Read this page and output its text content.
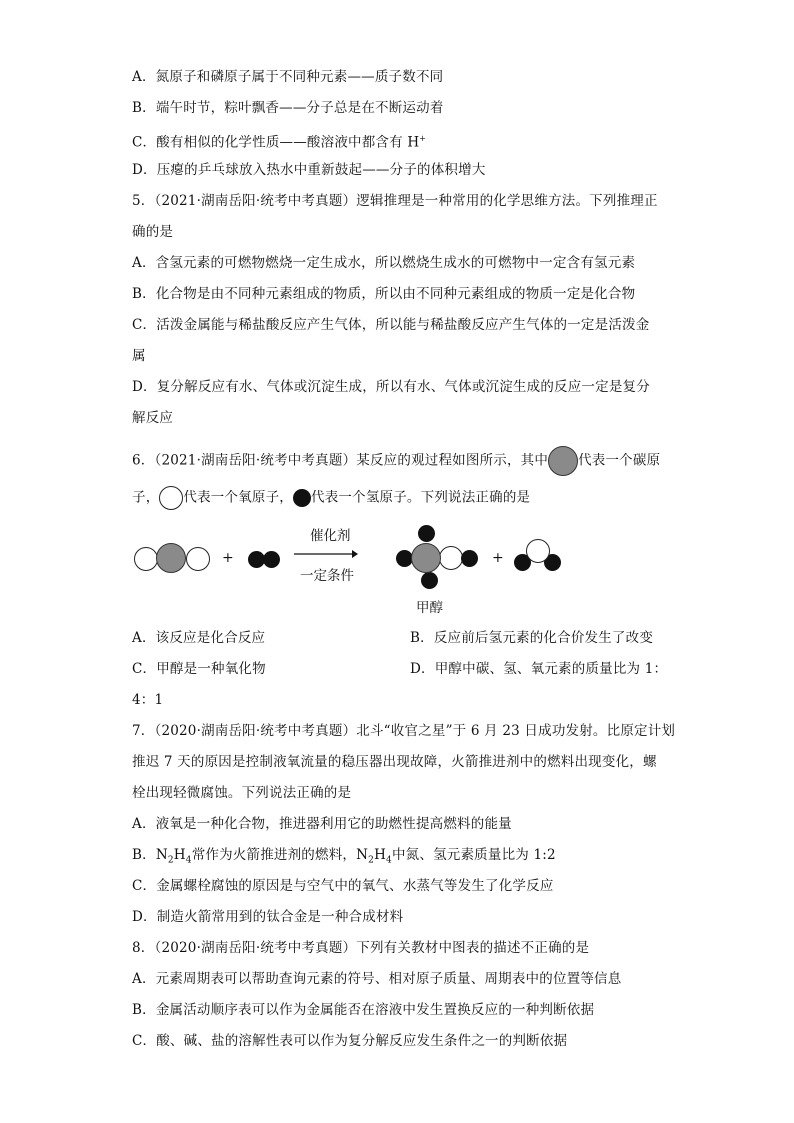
A．氮原子和磷原子属于不同种元素——质子数不同
B．端午时节，粽叶飘香——分子总是在不断运动着
C．酸有相似的化学性质——酸溶液中都含有 H+
D．压瘪的乒乓球放入热水中重新鼓起——分子的体积增大
5．（2021·湖南岳阳·统考中考真题）逻辑推理是一种常用的化学思维方法。下列推理正
确的是
A．含氢元素的可燃物燃烧一定生成水，所以燃烧生成水的可燃物中一定含有氢元素
B．化合物是由不同种元素组成的物质，所以由不同种元素组成的物质一定是化合物
C．活泼金属能与稀盐酸反应产生气体，所以能与稀盐酸反应产生气体的一定是活泼金
属
D．复分解反应有水、气体或沉淀生成，所以有水、气体或沉淀生成的反应一定是复分
解反应
6．（2021·湖南岳阳·统考中考真题）某反应的观过程如图所示，其中 代表一个碳原
子， 代表一个氧原子， 代表一个氢原子。下列说法正确的是
+
催化剂
一定条件
甲醇
+
A．该反应是化合反应	B．反应前后氢元素的化合价发生了改变
C．甲醇是一种氧化物	D．甲醇中碳、氢、氧元素的质量比为 1：
4：1
7．（2020·湖南岳阳·统考中考真题）北斗“收官之星”于 6 月 23 日成功发射。比原定计划
推迟 7 天的原因是控制液氧流量的稳压器出现故障，火箭推进剂中的燃料出现变化，螺
栓出现轻微腐蚀。下列说法正确的是
A．液氧是一种化合物，推进器利用它的助燃性提高燃料的能量
B．$N_2H_4$常作为火箭推进剂的燃料，$N_2H_4$中氮、氢元素质量比为 1:2
C．金属螺栓腐蚀的原因是与空气中的氧气、水蒸气等发生了化学反应
D．制造火箭常用到的钛合金是一种合成材料
8．（2020·湖南岳阳·统考中考真题）下列有关教材中图表的描述不正确的是
A．元素周期表可以帮助查询元素的符号、相对原子质量、周期表中的位置等信息
B．金属活动顺序表可以作为金属能否在溶液中发生置换反应的一种判断依据
C．酸、碱、盐的溶解性表可以作为复分解反应发生条件之一的判断依据
